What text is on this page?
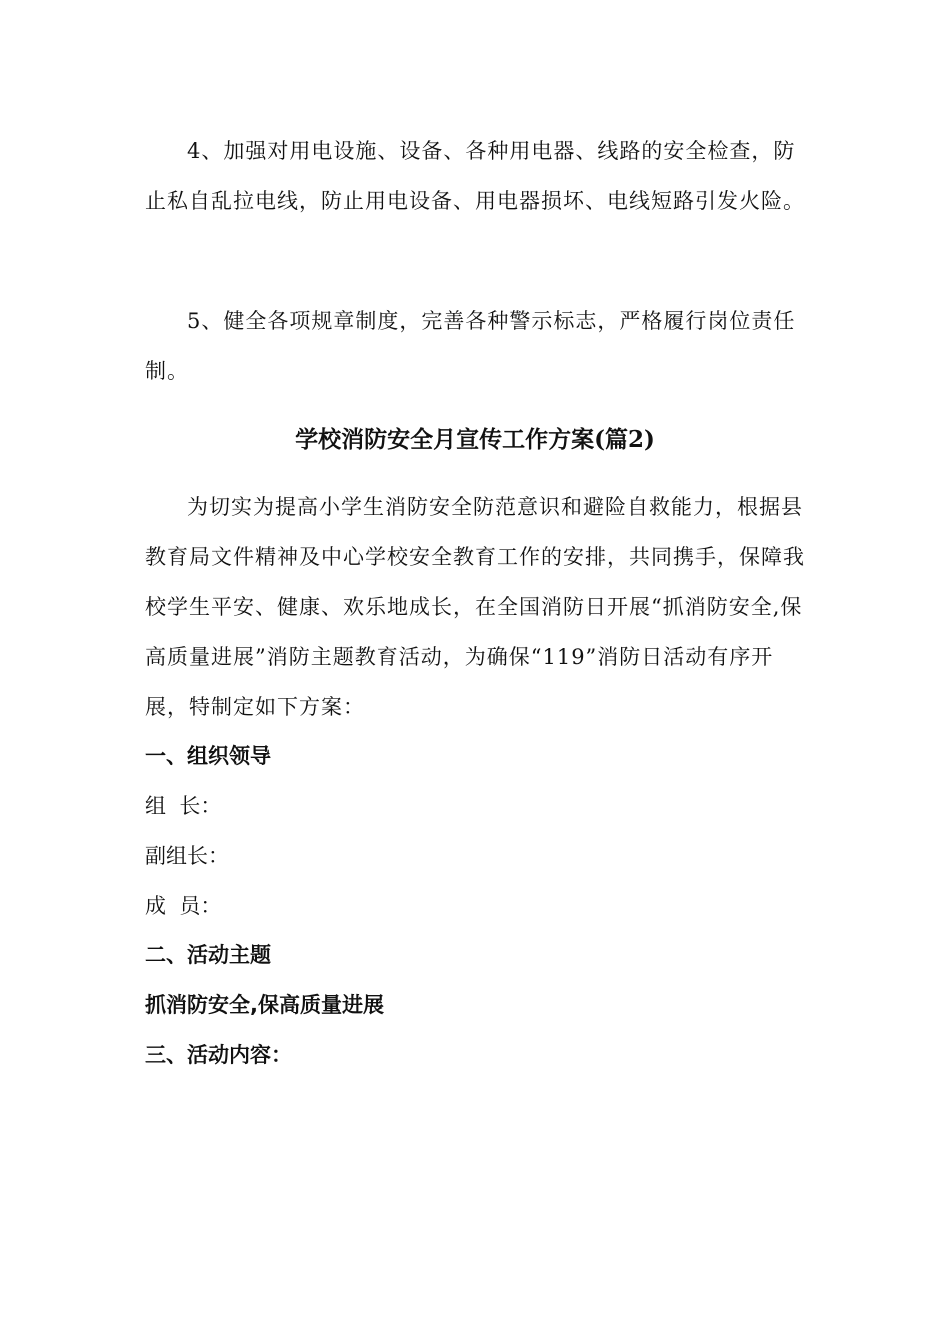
4、加强对用电设施、设备、各种用电器、线路的安全检查，防止私自乱拉电线，防止用电设备、用电器损坏、电线短路引发火险。

5、健全各项规章制度，完善各种警示标志，严格履行岗位责任制。

学校消防安全月宣传工作方案(篇2)

为切实为提高小学生消防安全防范意识和避险自救能力，根据县教育局文件精神及中心学校安全教育工作的安排，共同携手，保障我校学生平安、健康、欢乐地成长，在全国消防日开展“抓消防安全,保高质量进展”消防主题教育活动，为确保“119”消防日活动有序开展，特制定如下方案：

一、组织领导

组  长：

副组长：

成  员：

二、活动主题

抓消防安全,保高质量进展

三、活动内容：
